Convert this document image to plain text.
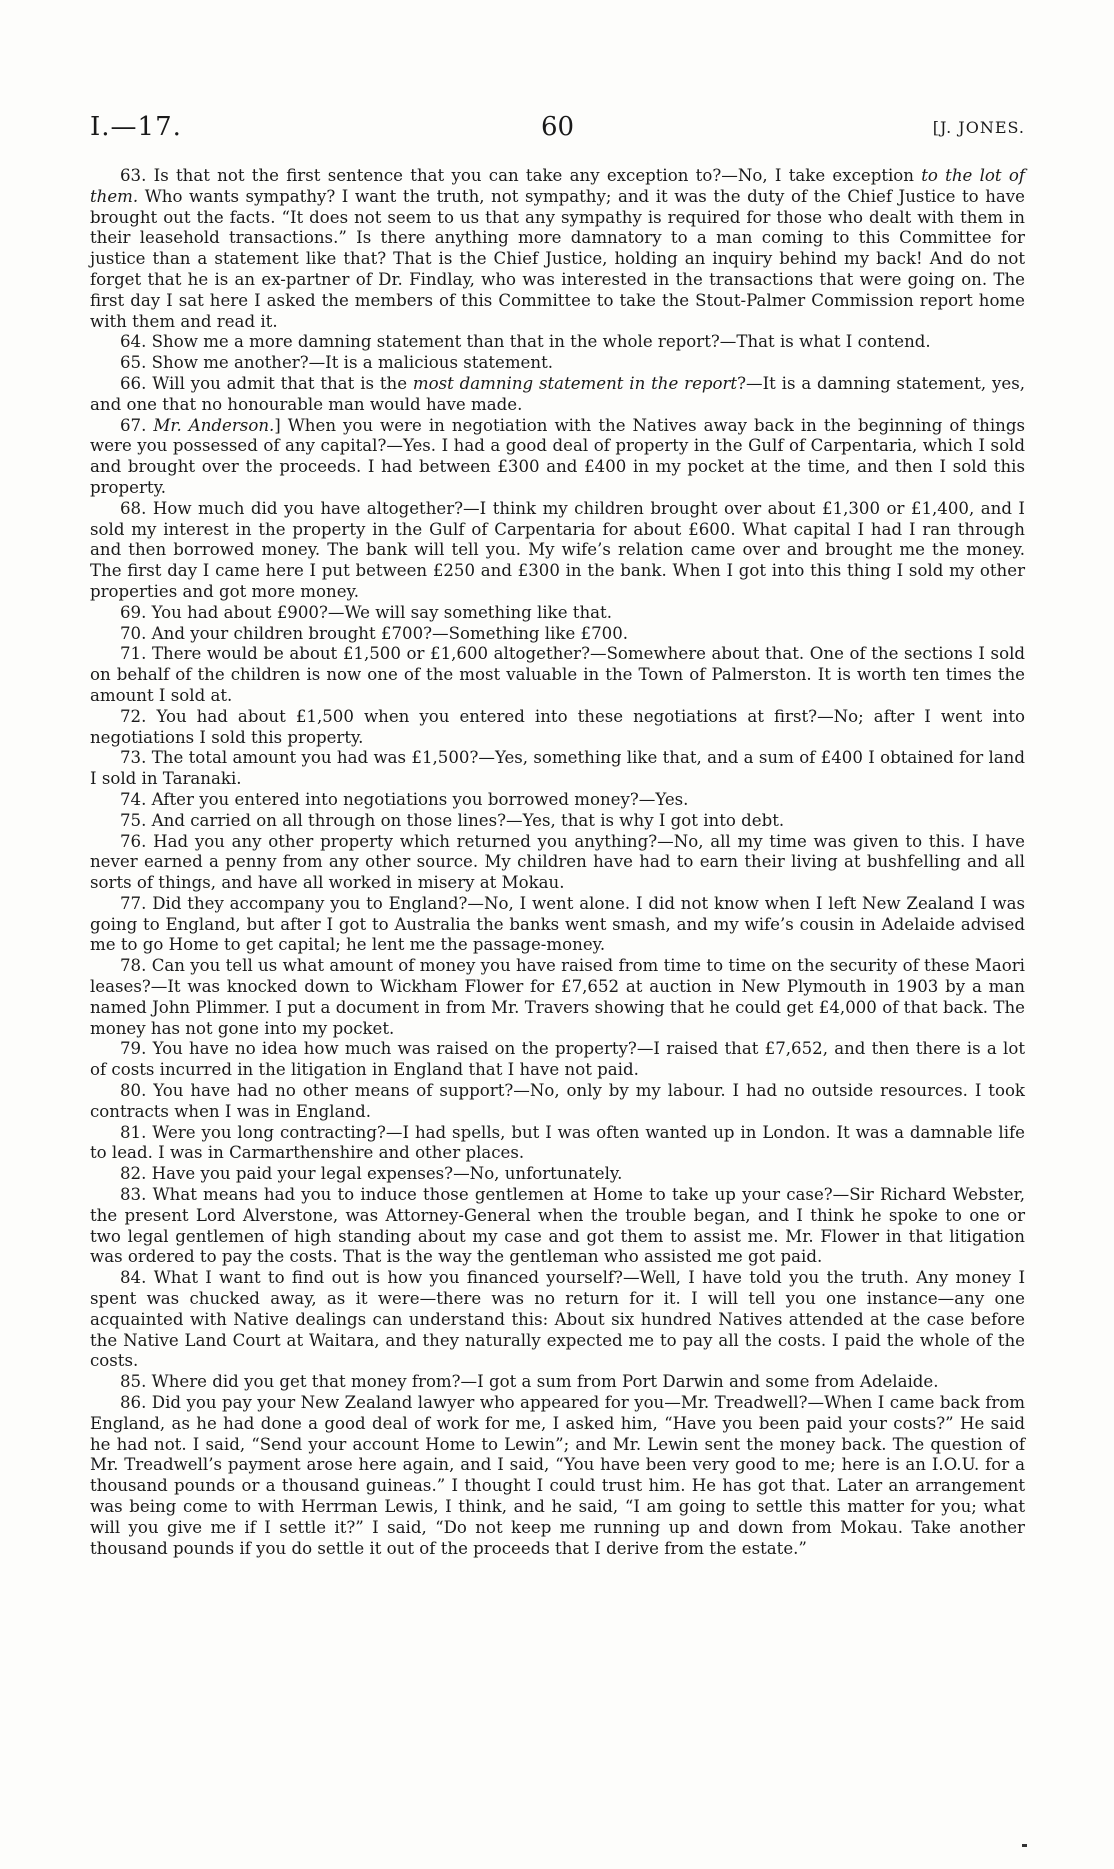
I.—17.	60	[J. JONES.

63. Is that not the first sentence that you can take any exception to?—No, I take exception to the lot of them. Who wants sympathy? I want the truth, not sympathy; and it was the duty of the Chief Justice to have brought out the facts. “It does not seem to us that any sympathy is required for those who dealt with them in their leasehold transactions.” Is there anything more damnatory to a man coming to this Committee for justice than a statement like that? That is the Chief Justice, holding an inquiry behind my back! And do not forget that he is an ex-partner of Dr. Findlay, who was interested in the transactions that were going on. The first day I sat here I asked the members of this Committee to take the Stout-Palmer Commission report home with them and read it.

64. Show me a more damning statement than that in the whole report?—That is what I contend.

65. Show me another?—It is a malicious statement.

66. Will you admit that that is the most damning statement in the report?—It is a damning statement, yes, and one that no honourable man would have made.

67. Mr. Anderson.] When you were in negotiation with the Natives away back in the beginning of things were you possessed of any capital?—Yes. I had a good deal of property in the Gulf of Carpentaria, which I sold and brought over the proceeds. I had between £300 and £400 in my pocket at the time, and then I sold this property.

68. How much did you have altogether?—I think my children brought over about £1,300 or £1,400, and I sold my interest in the property in the Gulf of Carpentaria for about £600. What capital I had I ran through and then borrowed money. The bank will tell you. My wife’s relation came over and brought me the money. The first day I came here I put between £250 and £300 in the bank. When I got into this thing I sold my other properties and got more money.

69. You had about £900?—We will say something like that.

70. And your children brought £700?—Something like £700.

71. There would be about £1,500 or £1,600 altogether?—Somewhere about that. One of the sections I sold on behalf of the children is now one of the most valuable in the Town of Palmerston. It is worth ten times the amount I sold at.

72. You had about £1,500 when you entered into these negotiations at first?—No; after I went into negotiations I sold this property.

73. The total amount you had was £1,500?—Yes, something like that, and a sum of £400 I obtained for land I sold in Taranaki.

74. After you entered into negotiations you borrowed money?—Yes.

75. And carried on all through on those lines?—Yes, that is why I got into debt.

76. Had you any other property which returned you anything?—No, all my time was given to this. I have never earned a penny from any other source. My children have had to earn their living at bushfelling and all sorts of things, and have all worked in misery at Mokau.

77. Did they accompany you to England?—No, I went alone. I did not know when I left New Zealand I was going to England, but after I got to Australia the banks went smash, and my wife’s cousin in Adelaide advised me to go Home to get capital; he lent me the passage-money.

78. Can you tell us what amount of money you have raised from time to time on the security of these Maori leases?—It was knocked down to Wickham Flower for £7,652 at auction in New Plymouth in 1903 by a man named John Plimmer. I put a document in from Mr. Travers showing that he could get £4,000 of that back. The money has not gone into my pocket.

79. You have no idea how much was raised on the property?—I raised that £7,652, and then there is a lot of costs incurred in the litigation in England that I have not paid.

80. You have had no other means of support?—No, only by my labour. I had no outside resources. I took contracts when I was in England.

81. Were you long contracting?—I had spells, but I was often wanted up in London. It was a damnable life to lead. I was in Carmarthenshire and other places.

82. Have you paid your legal expenses?—No, unfortunately.

83. What means had you to induce those gentlemen at Home to take up your case?—Sir Richard Webster, the present Lord Alverstone, was Attorney-General when the trouble began, and I think he spoke to one or two legal gentlemen of high standing about my case and got them to assist me. Mr. Flower in that litigation was ordered to pay the costs. That is the way the gentleman who assisted me got paid.

84. What I want to find out is how you financed yourself?—Well, I have told you the truth. Any money I spent was chucked away, as it were—there was no return for it. I will tell you one instance—any one acquainted with Native dealings can understand this: About six hundred Natives attended at the case before the Native Land Court at Waitara, and they naturally expected me to pay all the costs. I paid the whole of the costs.

85. Where did you get that money from?—I got a sum from Port Darwin and some from Adelaide.

86. Did you pay your New Zealand lawyer who appeared for you—Mr. Treadwell?—When I came back from England, as he had done a good deal of work for me, I asked him, “Have you been paid your costs?” He said he had not. I said, “Send your account Home to Lewin”; and Mr. Lewin sent the money back. The question of Mr. Treadwell’s payment arose here again, and I said, “You have been very good to me; here is an I.O.U. for a thousand pounds or a thousand guineas.” I thought I could trust him. He has got that. Later an arrangement was being come to with Herrman Lewis, I think, and he said, “I am going to settle this matter for you; what will you give me if I settle it?” I said, “Do not keep me running up and down from Mokau. Take another thousand pounds if you do settle it out of the proceeds that I derive from the estate.”
